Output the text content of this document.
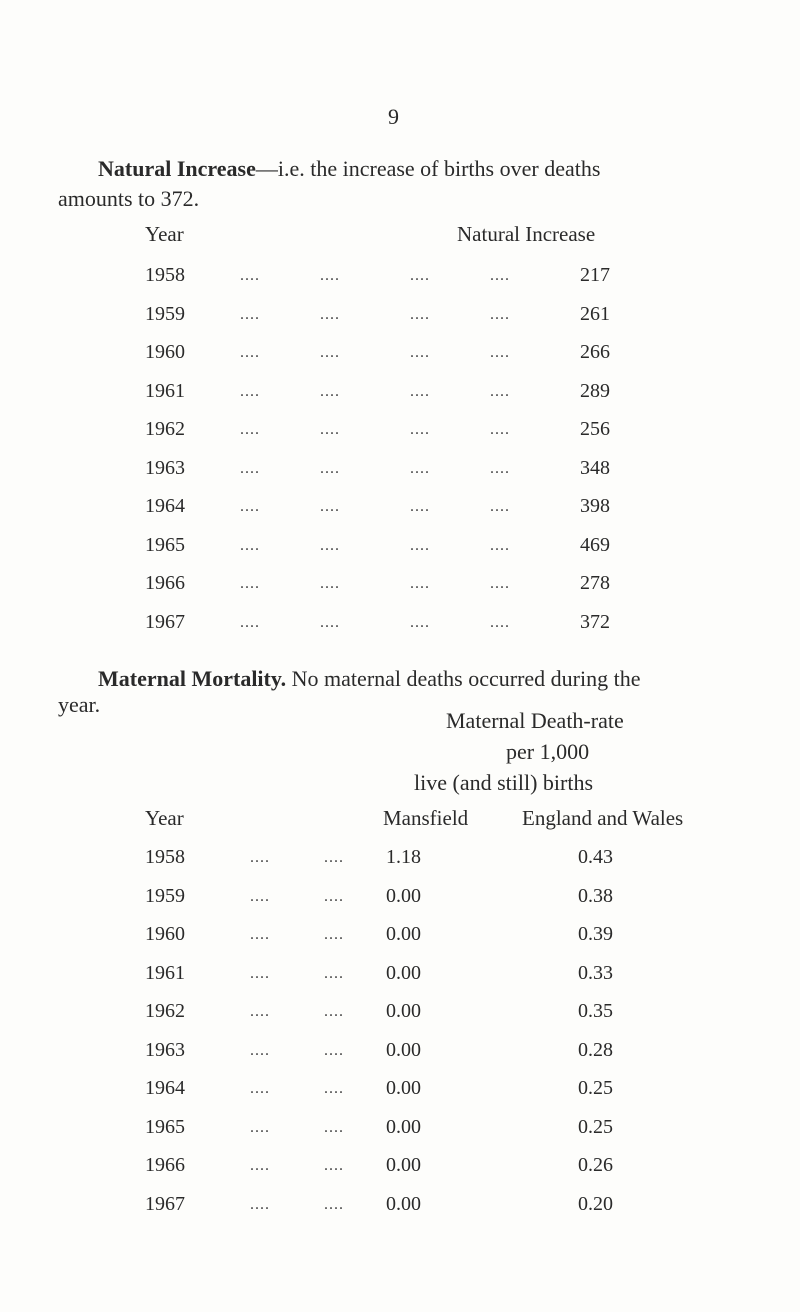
9
Natural Increase—i.e. the increase of births over deaths
amounts to 372.
Year	Natural Increase
1958	....	....	....	....	217
1959	....	....	....	....	261
1960	....	....	....	....	266
1961	....	....	....	....	289
1962	....	....	....	....	256
1963	....	....	....	....	348
1964	....	....	....	....	398
1965	....	....	....	....	469
1966	....	....	....	....	278
1967	....	....	....	....	372
Maternal Mortality. No maternal deaths occurred during the
year.
Maternal Death-rate
per 1,000
live (and still) births
Year	Mansfield	England and Wales
1958	....	.... 1.18	0.43
1959	....	.... 0.00	0.38
1960	....	.... 0.00	0.39
1961	....	.... 0.00	0.33
1962	....	.... 0.00	0.35
1963	....	.... 0.00	0.28
1964	....	.... 0.00	0.25
1965	....	.... 0.00	0.25
1966	....	.... 0.00	0.26
1967	....	.... 0.00	0.20
